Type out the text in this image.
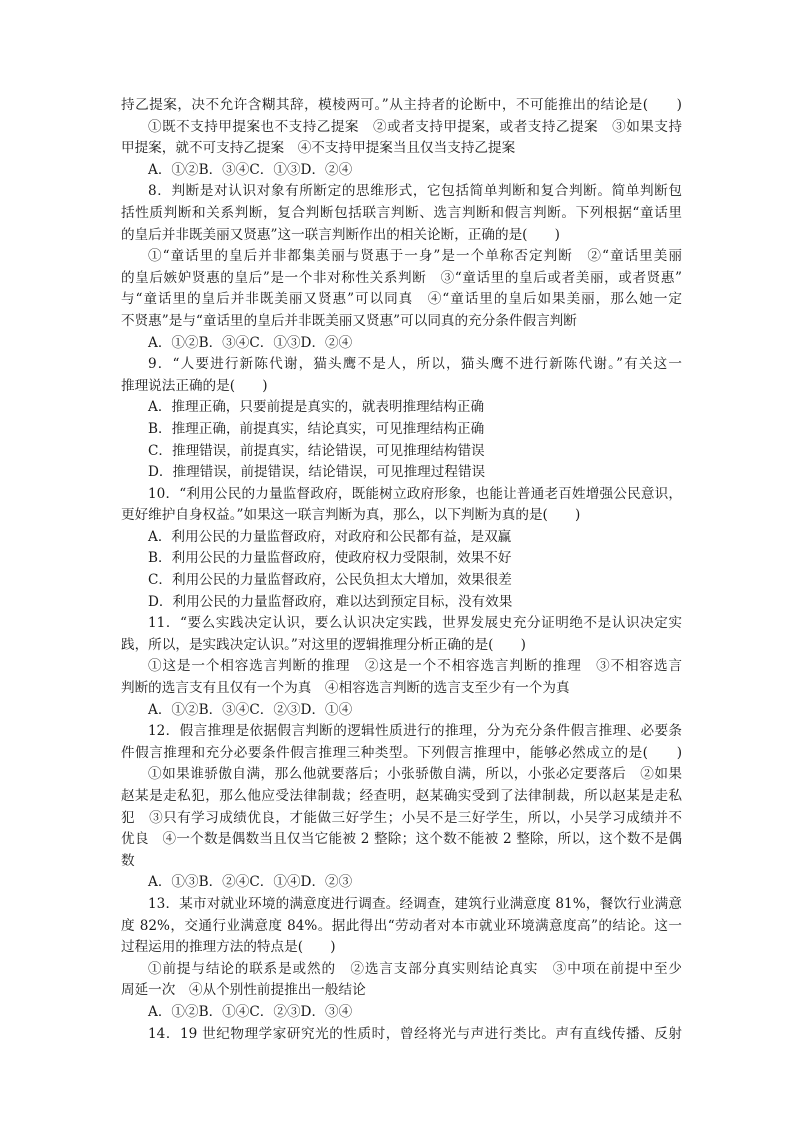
持乙提案，决不允许含糊其辞，模棱两可。”从主持者的论断中，不可能推出的结论是(　　)
①既不支持甲提案也不支持乙提案　②或者支持甲提案，或者支持乙提案　③如果支持
甲提案，就不可支持乙提案　④不支持甲提案当且仅当支持乙提案
A．①②B．③④C．①③D．②④
8．判断是对认识对象有所断定的思维形式，它包括简单判断和复合判断。简单判断包
括性质判断和关系判断，复合判断包括联言判断、选言判断和假言判断。下列根据“童话里
的皇后并非既美丽又贤惠”这一联言判断作出的相关论断，正确的是(　　)
①“童话里的皇后并非都集美丽与贤惠于一身”是一个单称否定判断　②“童话里美丽
的皇后嫉妒贤惠的皇后”是一个非对称性关系判断　③“童话里的皇后或者美丽，或者贤惠”
与“童话里的皇后并非既美丽又贤惠”可以同真　④“童话里的皇后如果美丽，那么她一定
不贤惠”是与“童话里的皇后并非既美丽又贤惠”可以同真的充分条件假言判断
A．①②B．③④C．①③D．②④
9．“人要进行新陈代谢，猫头鹰不是人，所以，猫头鹰不进行新陈代谢。”有关这一
推理说法正确的是(　　)
A．推理正确，只要前提是真实的，就表明推理结构正确
B．推理正确，前提真实，结论真实，可见推理结构正确
C．推理错误，前提真实，结论错误，可见推理结构错误
D．推理错误，前提错误，结论错误，可见推理过程错误
10．“利用公民的力量监督政府，既能树立政府形象，也能让普通老百姓增强公民意识，
更好维护自身权益。”如果这一联言判断为真，那么，以下判断为真的是(　　)
A．利用公民的力量监督政府，对政府和公民都有益，是双赢
B．利用公民的力量监督政府，使政府权力受限制，效果不好
C．利用公民的力量监督政府，公民负担太大增加，效果很差
D．利用公民的力量监督政府，难以达到预定目标，没有效果
11．“要么实践决定认识，要么认识决定实践，世界发展史充分证明绝不是认识决定实
践，所以，是实践决定认识。”对这里的逻辑推理分析正确的是(　　)
①这是一个相容选言判断的推理　②这是一个不相容选言判断的推理　③不相容选言
判断的选言支有且仅有一个为真　④相容选言判断的选言支至少有一个为真
A．①②B．③④C．②③D．①④
12．假言推理是依据假言判断的逻辑性质进行的推理，分为充分条件假言推理、必要条
件假言推理和充分必要条件假言推理三种类型。下列假言推理中，能够必然成立的是(　　)
①如果谁骄傲自满，那么他就要落后；小张骄傲自满，所以，小张必定要落后　②如果
赵某是走私犯，那么他应受法律制裁；经查明，赵某确实受到了法律制裁，所以赵某是走私
犯　③只有学习成绩优良，才能做三好学生；小吴不是三好学生，所以，小吴学习成绩并不
优良　④一个数是偶数当且仅当它能被 2 整除；这个数不能被 2 整除，所以，这个数不是偶
数
A．①③B．②④C．①④D．②③
13．某市对就业环境的满意度进行调查。经调查，建筑行业满意度 81%，餐饮行业满意
度 82%，交通行业满意度 84%。据此得出“劳动者对本市就业环境满意度高”的结论。这一
过程运用的推理方法的特点是(　　)
①前提与结论的联系是或然的　②选言支部分真实则结论真实　③中项在前提中至少
周延一次　④从个别性前提推出一般结论
A．①②B．①④C．②③D．③④
14．19 世纪物理学家研究光的性质时，曾经将光与声进行类比。声有直线传播、反射
